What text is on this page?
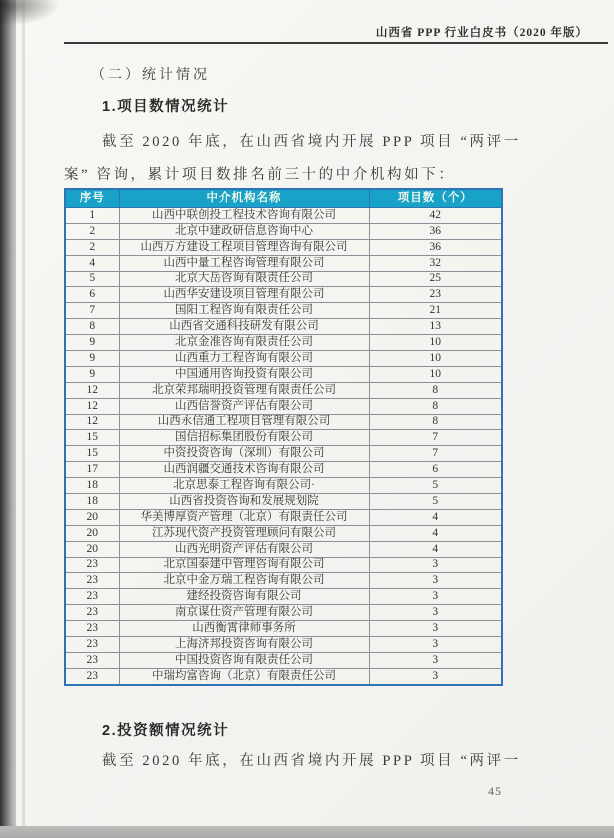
山西省 PPP 行业白皮书（2020 年版）
（二）统计情况
1.项目数情况统计
截至 2020 年底，在山西省境内开展 PPP 项目 “两评一
案” 咨询，累计项目数排名前三十的中介机构如下：
序号	中介机构名称	项目数（个）
1	山西中联创投工程技术咨询有限公司	42
2	北京中建政研信息咨询中心	36
2	山西万方建设工程项目管理咨询有限公司	36
4	山西中量工程咨询管理有限公司	32
5	北京大岳咨询有限责任公司	25
6	山西华安建设项目管理有限公司	23
7	国阳工程咨询有限责任公司	21
8	山西省交通科技研发有限公司	13
9	北京金准咨询有限责任公司	10
9	山西重力工程咨询有限公司	10
9	中国通用咨询投资有限公司	10
12	北京荣邦瑞明投资管理有限责任公司	8
12	山西信誉资产评估有限公司	8
12	山西永信通工程项目管理有限公司	8
15	国信招标集团股份有限公司	7
15	中资投资咨询（深圳）有限公司	7
17	山西润疆交通技术咨询有限公司	6
18	北京思泰工程咨询有限公司·	5
18	山西省投资咨询和发展规划院	5
20	华美博厚资产管理（北京）有限责任公司	4
20	江苏现代资产投资管理顾问有限公司	4
20	山西光明资产评估有限公司	4
23	北京国泰建中管理咨询有限公司	3
23	北京中金万瑞工程咨询有限公司	3
23	建经投资咨询有限公司	3
23	南京谋仕资产管理有限公司	3
23	山西衡霄律师事务所	3
23	上海济邦投资咨询有限公司	3
23	中国投资咨询有限责任公司	3
23	中瑞均富咨询（北京）有限责任公司	3
2.投资额情况统计
截至 2020 年底，在山西省境内开展 PPP 项目 “两评一
45
